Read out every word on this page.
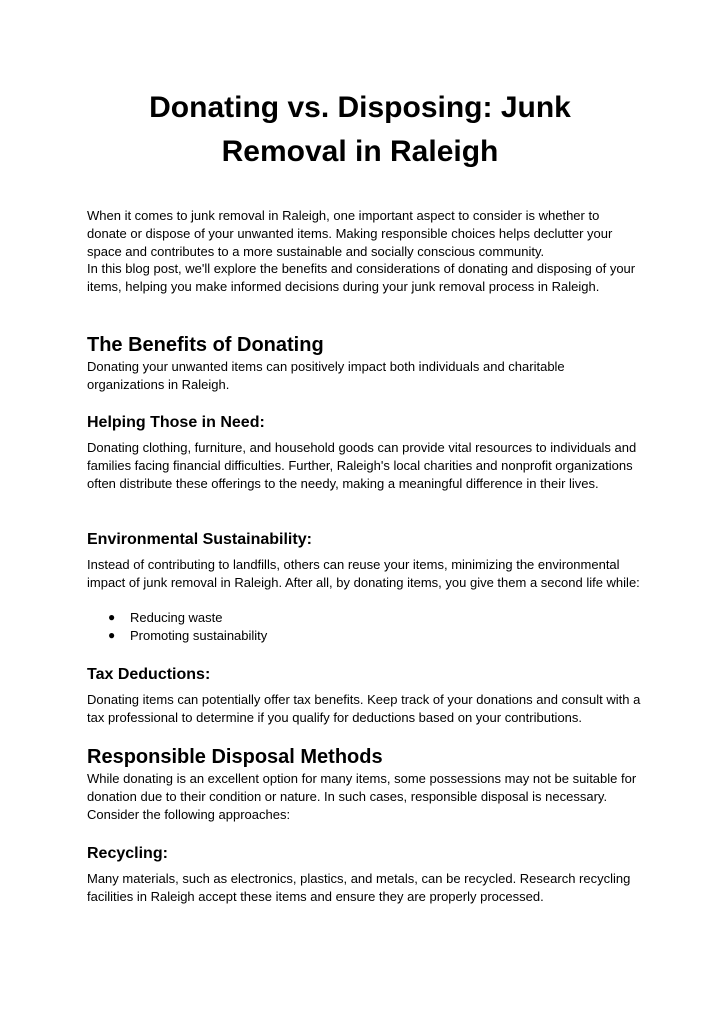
Donating vs. Disposing: Junk Removal in Raleigh

When it comes to junk removal in Raleigh, one important aspect to consider is whether to donate or dispose of your unwanted items. Making responsible choices helps declutter your space and contributes to a more sustainable and socially conscious community.

In this blog post, we'll explore the benefits and considerations of donating and disposing of your items, helping you make informed decisions during your junk removal process in Raleigh.

The Benefits of Donating

Donating your unwanted items can positively impact both individuals and charitable organizations in Raleigh.

Helping Those in Need:

Donating clothing, furniture, and household goods can provide vital resources to individuals and families facing financial difficulties. Further, Raleigh's local charities and nonprofit organizations often distribute these offerings to the needy, making a meaningful difference in their lives.

Environmental Sustainability:

Instead of contributing to landfills, others can reuse your items, minimizing the environmental impact of junk removal in Raleigh. After all, by donating items, you give them a second life while:

● Reducing waste
● Promoting sustainability
Tax Deductions:

Donating items can potentially offer tax benefits. Keep track of your donations and consult with a tax professional to determine if you qualify for deductions based on your contributions.

Responsible Disposal Methods

While donating is an excellent option for many items, some possessions may not be suitable for donation due to their condition or nature. In such cases, responsible disposal is necessary. Consider the following approaches:

Recycling:

Many materials, such as electronics, plastics, and metals, can be recycled. Research recycling facilities in Raleigh accept these items and ensure they are properly processed.
